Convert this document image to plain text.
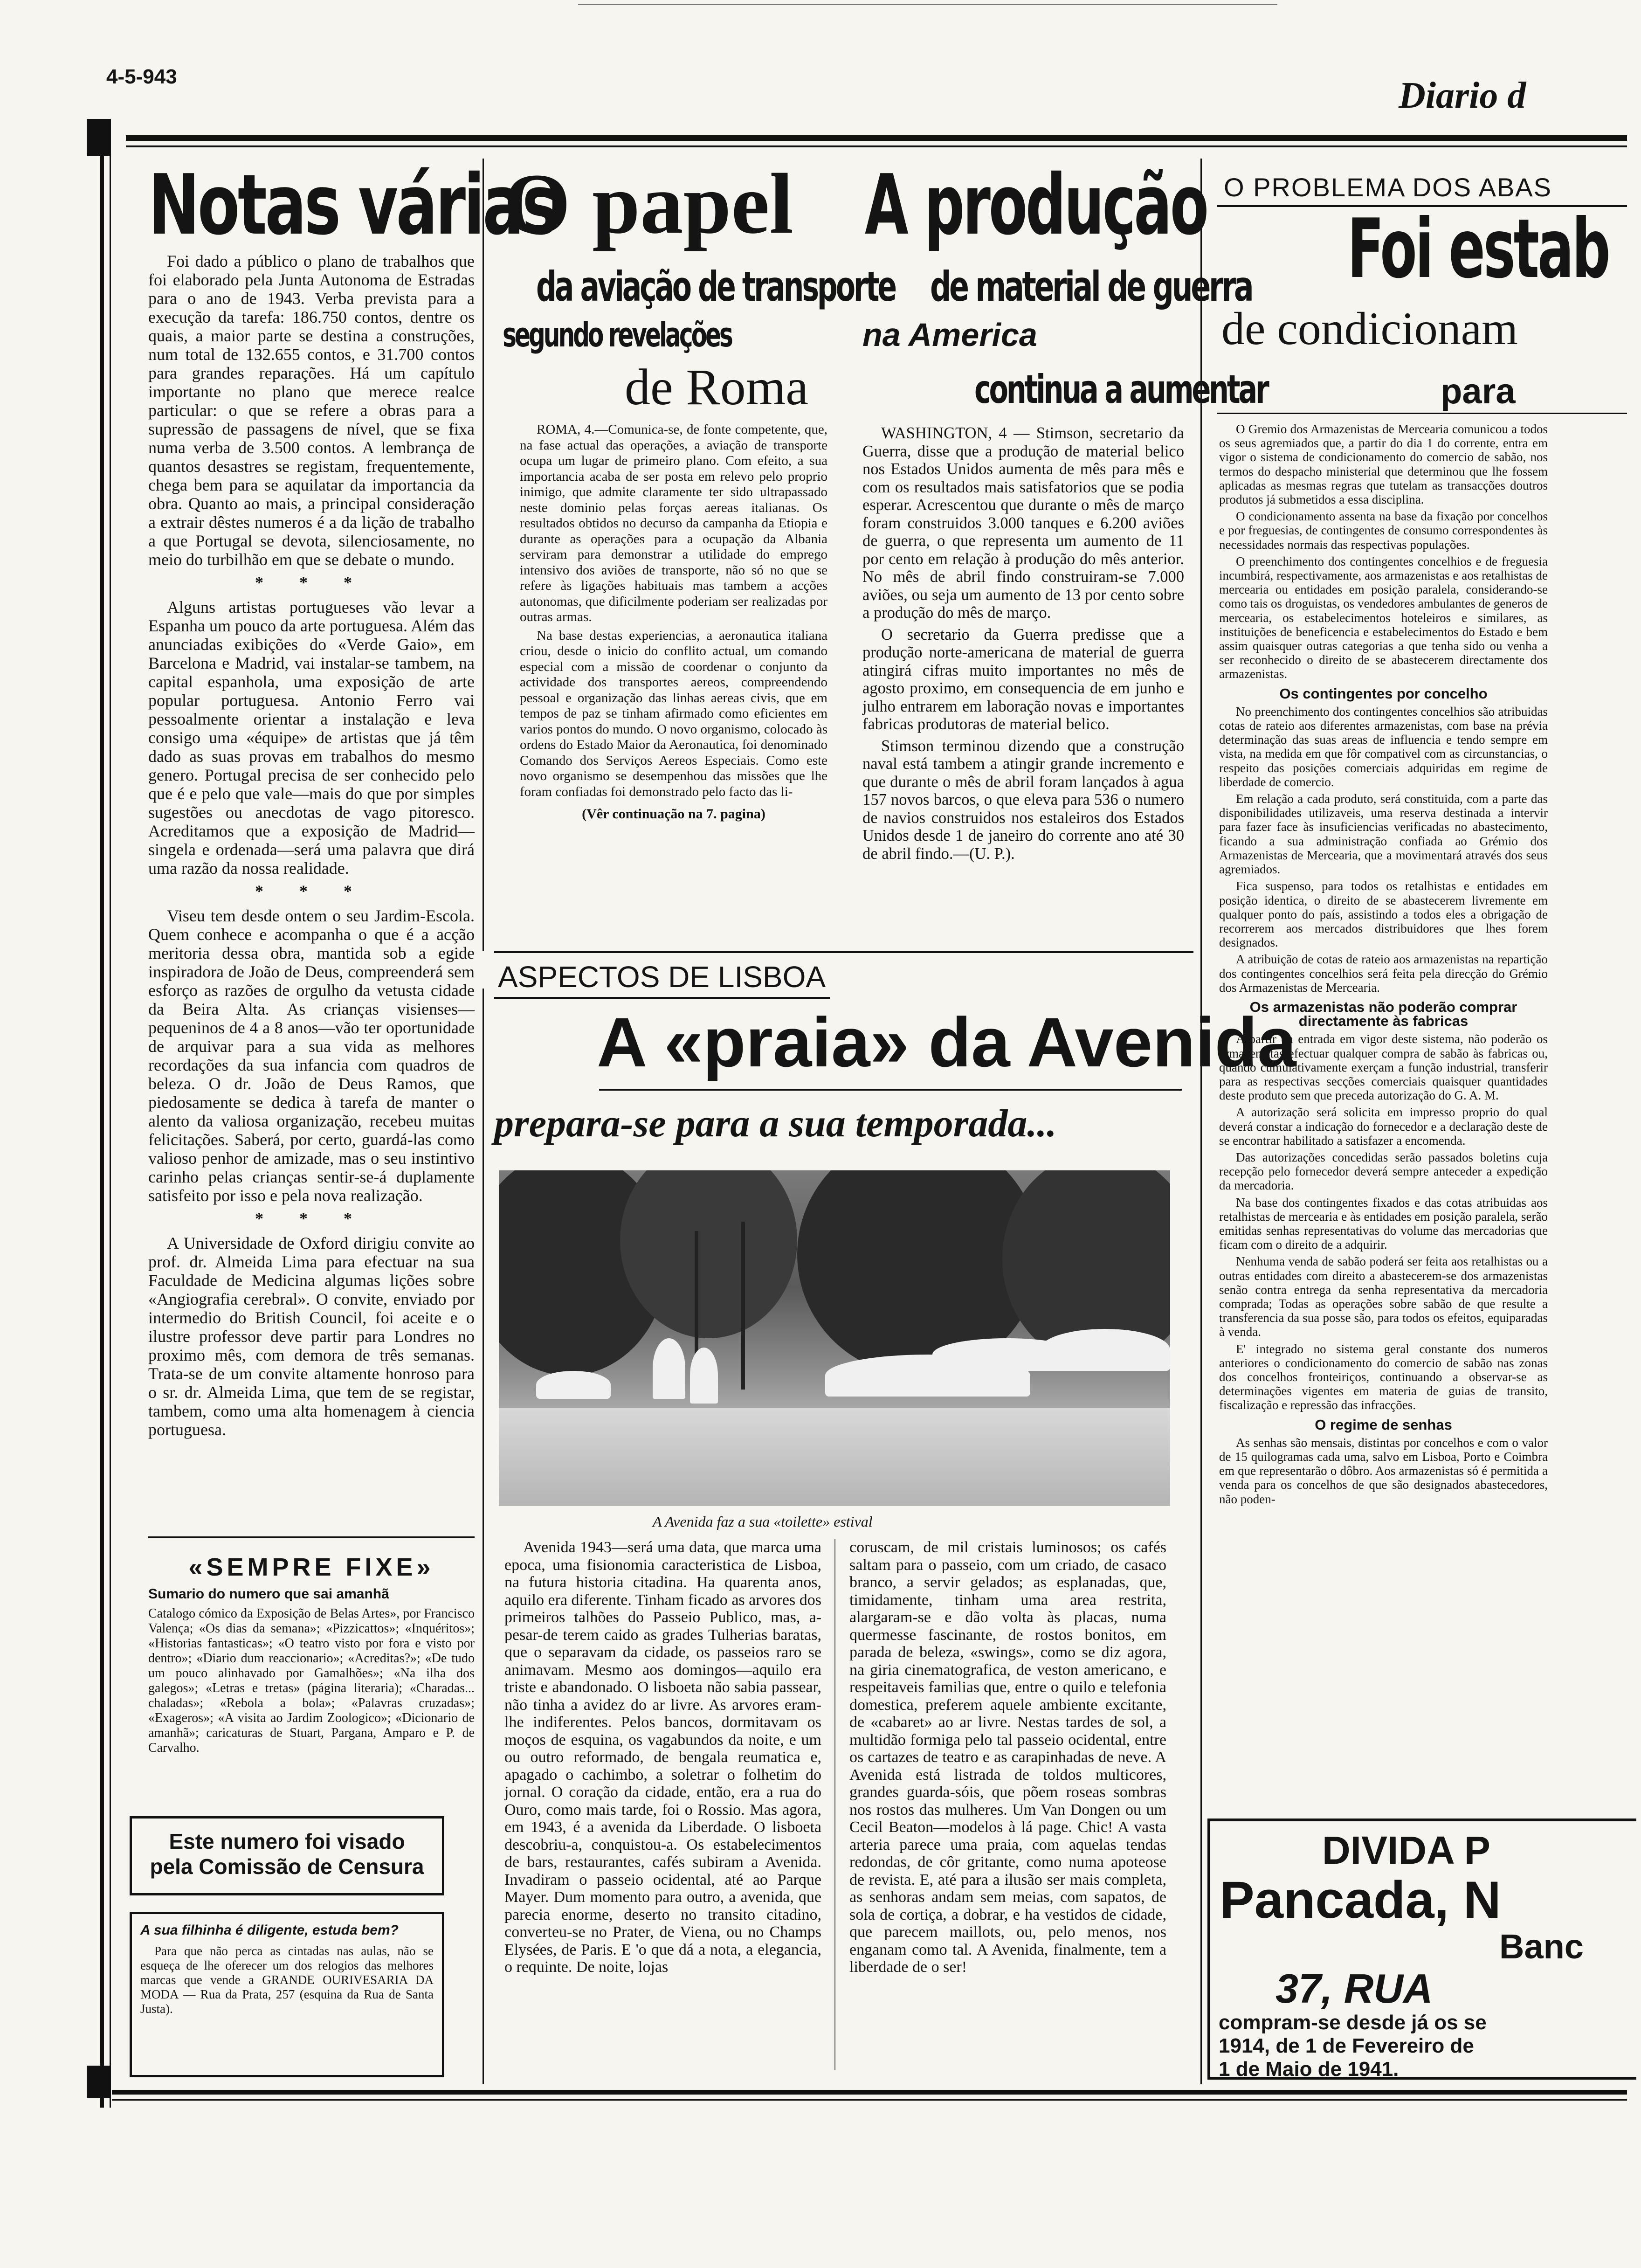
4-5-943	Diario d
Notas várias

Foi dado a público o plano de trabalhos que foi elaborado pela Junta Autonoma de Estradas para o ano de 1943. Verba prevista para a execução da tarefa: 186.750 contos, dentre os quais, a maior parte se destina a construções, num total de 132.655 contos, e 31.700 contos para grandes reparações. Há um capítulo importante no plano que merece realce particular: o que se refere a obras para a supressão de passagens de nível, que se fixa numa verba de 3.500 contos. A lembrança de quantos desastres se registam, frequentemente, chega bem para se aquilatar da importancia da obra. Quanto ao mais, a principal consideração a extrair dêstes numeros é a da lição de trabalho a que Portugal se devota, silenciosamente, no meio do turbilhão em que se debate o mundo.

* * *

Alguns artistas portugueses vão levar a Espanha um pouco da arte portuguesa. Além das anunciadas exibições do «Verde Gaio», em Barcelona e Madrid, vai instalar-se tambem, na capital espanhola, uma exposição de arte popular portuguesa. Antonio Ferro vai pessoalmente orientar a instalação e leva consigo uma «équipe» de artistas que já têm dado as suas provas em trabalhos do mesmo genero. Portugal precisa de ser conhecido pelo que é e pelo que vale—mais do que por simples sugestões ou anecdotas de vago pitoresco. Acreditamos que a exposição de Madrid—singela e ordenada—será uma palavra que dirá uma razão da nossa realidade.

* * *

Viseu tem desde ontem o seu Jardim-Escola. Quem conhece e acompanha o que é a acção meritoria dessa obra, mantida sob a egide inspiradora de João de Deus, compreenderá sem esforço as razões de orgulho da vetusta cidade da Beira Alta. As crianças visienses—pequeninos de 4 a 8 anos—vão ter oportunidade de arquivar para a sua vida as melhores recordações da sua infancia com quadros de beleza. O dr. João de Deus Ramos, que piedosamente se dedica à tarefa de manter o alento da valiosa organização, recebeu muitas felicitações. Saberá, por certo, guardá-las como valioso penhor de amizade, mas o seu instintivo carinho pelas crianças sentir-se-á duplamente satisfeito por isso e pela nova realização.

* * *

A Universidade de Oxford dirigiu convite ao prof. dr. Almeida Lima para efectuar na sua Faculdade de Medicina algumas lições sobre «Angiografia cerebral». O convite, enviado por intermedio do British Council, foi aceite e o ilustre professor deve partir para Londres no proximo mês, com demora de três semanas. Trata-se de um convite altamente honroso para o sr. dr. Almeida Lima, que tem de se registar, tambem, como uma alta homenagem à ciencia portuguesa.

«SEMPRE FIXE»
Sumario do numero que sai amanhã
Catalogo cómico da Exposição de Belas Artes», por Francisco Valença; «Os dias da semana»; «Pizzicattos»; «Inquéritos»; «Historias fantasticas»; «O teatro visto por fora e visto por dentro»; «Diario dum reaccionario»; «Acreditas?»; «De tudo um pouco alinhavado por Gamalhões»; «Na ilha dos galegos»; «Letras e tretas» (página literaria); «Charadas... chaladas»; «Rebola a bola»; «Palavras cruzadas»; «Exageros»; «A visita ao Jardim Zoologico»; «Dicionario de amanhã»; caricaturas de Stuart, Pargana, Amparo e P. de Carvalho.
Este numero foi visado
pela Comissão de Censura
A sua filhinha é diligente, estuda bem?
Para que não perca as cintadas nas aulas, não se esqueça de lhe oferecer um dos relogios das melhores marcas que vende a GRANDE OURIVESARIA DA MODA — Rua da Prata, 257 (esquina da Rua de Santa Justa).
O papel
da aviação de transporte
segundo revelações
de Roma

ROMA, 4.—Comunica-se, de fonte competente, que, na fase actual das operações, a aviação de transporte ocupa um lugar de primeiro plano. Com efeito, a sua importancia acaba de ser posta em relevo pelo proprio inimigo, que admite claramente ter sido ultrapassado neste dominio pelas forças aereas italianas. Os resultados obtidos no decurso da campanha da Etiopia e durante as operações para a ocupação da Albania serviram para demonstrar a utilidade do emprego intensivo dos aviões de transporte, não só no que se refere às ligações habituais mas tambem a acções autonomas, que dificilmente poderiam ser realizadas por outras armas.

Na base destas experiencias, a aeronautica italiana criou, desde o inicio do conflito actual, um comando especial com a missão de coordenar o conjunto da actividade dos transportes aereos, compreendendo pessoal e organização das linhas aereas civis, que em tempos de paz se tinham afirmado como eficientes em varios pontos do mundo. O novo organismo, colocado às ordens do Estado Maior da Aeronautica, foi denominado Comando dos Serviços Aereos Especiais. Como este novo organismo se desempenhou das missões que lhe foram confiadas foi demonstrado pelo facto das li-

(Vêr continuação na 7. pagina)
A produção
de material de guerra
na America
continua a aumentar

WASHINGTON, 4 — Stimson, secretario da Guerra, disse que a produção de material belico nos Estados Unidos aumenta de mês para mês e com os resultados mais satisfatorios que se podia esperar. Acrescentou que durante o mês de março foram construidos 3.000 tanques e 6.200 aviões de guerra, o que representa um aumento de 11 por cento em relação à produção do mês anterior. No mês de abril findo construiram-se 7.000 aviões, ou seja um aumento de 13 por cento sobre a produção do mês de março.

O secretario da Guerra predisse que a produção norte-americana de material de guerra atingirá cifras muito importantes no mês de agosto proximo, em consequencia de em junho e julho entrarem em laboração novas e importantes fabricas produtoras de material belico.

Stimson terminou dizendo que a construção naval está tambem a atingir grande incremento e que durante o mês de abril foram lançados à agua 157 novos barcos, o que eleva para 536 o numero de navios construidos nos estaleiros dos Estados Unidos desde 1 de janeiro do corrente ano até 30 de abril findo.—(U. P.).

ASPECTOS DE LISBOA
A «praia» da Avenida
prepara-se para a sua temporada...
A Avenida faz a sua «toilette» estival

Avenida 1943—será uma data, que marca uma epoca, uma fisionomia caracteristica de Lisboa, na futura historia citadina. Ha quarenta anos, aquilo era diferente. Tinham ficado as arvores dos primeiros talhões do Passeio Publico, mas, a-pesar-de terem caido as grades Tulherias baratas, que o separavam da cidade, os passeios raro se animavam. Mesmo aos domingos—aquilo era triste e abandonado. O lisboeta não sabia passear, não tinha a avidez do ar livre. As arvores eram-lhe indiferentes. Pelos bancos, dormitavam os moços de esquina, os vagabundos da noite, e um ou outro reformado, de bengala reumatica e, apagado o cachimbo, a soletrar o folhetim do jornal. O coração da cidade, então, era a rua do Ouro, como mais tarde, foi o Rossio. Mas agora, em 1943, é a avenida da Liberdade. O lisboeta descobriu-a, conquistou-a. Os estabelecimentos de bars, restaurantes, cafés subiram a Avenida. Invadiram o passeio ocidental, até ao Parque Mayer. Dum momento para outro, a avenida, que parecia enorme, deserto no transito citadino, converteu-se no Prater, de Viena, ou no Champs Elysées, de Paris. E 'o que dá a nota, a elegancia, o requinte. De noite, lojas

coruscam, de mil cristais luminosos; os cafés saltam para o passeio, com um criado, de casaco branco, a servir gelados; as esplanadas, que, timidamente, tinham uma area restrita, alargaram-se e dão volta às placas, numa quermesse fascinante, de rostos bonitos, em parada de beleza, «swings», como se diz agora, na giria cinematografica, de veston americano, e respeitaveis familias que, entre o quilo e telefonia domestica, preferem aquele ambiente excitante, de «cabaret» ao ar livre. Nestas tardes de sol, a multidão formiga pelo tal passeio ocidental, entre os cartazes de teatro e as carapinhadas de neve. A Avenida está listrada de toldos multicores, grandes guarda-sóis, que põem roseas sombras nos rostos das mulheres. Um Van Dongen ou um Cecil Beaton—modelos à lá page. Chic! A vasta arteria parece uma praia, com aquelas tendas redondas, de côr gritante, como numa apoteose de revista. E, até para a ilusão ser mais completa, as senhoras andam sem meias, com sapatos, de sola de cortiça, a dobrar, e ha vestidos de cidade, que parecem maillots, ou, pelo menos, nos enganam como tal. A Avenida, finalmente, tem a liberdade de o ser!

O PROBLEMA DOS ABAS
Foi estab
de condicionam
para

O Gremio dos Armazenistas de Mercearia comunicou a todos os seus agremiados que, a partir do dia 1 do corrente, entra em vigor o sistema de condicionamento do comercio de sabão, nos termos do despacho ministerial que determinou que lhe fossem aplicadas as mesmas regras que tutelam as transacções doutros produtos já submetidos a essa disciplina.

O condicionamento assenta na base da fixação por concelhos e por freguesias, de contingentes de consumo correspondentes às necessidades normais das respectivas populações.

O preenchimento dos contingentes concelhios e de freguesia incumbirá, respectivamente, aos armazenistas e aos retalhistas de mercearia ou entidades em posição paralela, considerando-se como tais os droguistas, os vendedores ambulantes de generos de mercearia, os estabelecimentos hoteleiros e similares, as instituições de beneficencia e estabelecimentos do Estado e bem assim quaisquer outras categorias a que tenha sido ou venha a ser reconhecido o direito de se abastecerem directamente dos armazenistas.

Os contingentes por concelho

No preenchimento dos contingentes concelhios são atribuidas cotas de rateio aos diferentes armazenistas, com base na prévia determinação das suas areas de influencia e tendo sempre em vista, na medida em que fôr compativel com as circunstancias, o respeito das posições comerciais adquiridas em regime de liberdade de comercio.

Em relação a cada produto, será constituida, com a parte das disponibilidades utilizaveis, uma reserva destinada a intervir para fazer face às insuficiencias verificadas no abastecimento, ficando a sua administração confiada ao Grémio dos Armazenistas de Mercearia, que a movimentará através dos seus agremiados.

Fica suspenso, para todos os retalhistas e entidades em posição identica, o direito de se abastecerem livremente em qualquer ponto do país, assistindo a todos eles a obrigação de recorrerem aos mercados distribuidores que lhes forem designados.

A atribuição de cotas de rateio aos armazenistas na repartição dos contingentes concelhios será feita pela direcção do Grémio dos Armazenistas de Mercearia.

Os armazenistas não poderão comprar directamente às fabricas

A partir da entrada em vigor deste sistema, não poderão os armazenistas efectuar qualquer compra de sabão às fabricas ou, quando cumulativamente exerçam a função industrial, transferir para as respectivas secções comerciais quaisquer quantidades deste produto sem que preceda autorização do G. A. M.

A autorização será solicita em impresso proprio do qual deverá constar a indicação do fornecedor e a declaração deste de se encontrar habilitado a satisfazer a encomenda.

Das autorizações concedidas serão passados boletins cuja recepção pelo fornecedor deverá sempre anteceder a expedição da mercadoria.

Na base dos contingentes fixados e das cotas atribuidas aos retalhistas de mercearia e às entidades em posição paralela, serão emitidas senhas representativas do volume das mercadorias que ficam com o direito de a adquirir.

Nenhuma venda de sabão poderá ser feita aos retalhistas ou a outras entidades com direito a abastecerem-se dos armazenistas senão contra entrega da senha representativa da mercadoria comprada; Todas as operações sobre sabão de que resulte a transferencia da sua posse são, para todos os efeitos, equiparadas à venda.

E' integrado no sistema geral constante dos numeros anteriores o condicionamento do comercio de sabão nas zonas dos concelhos fronteiriços, continuando a observar-se as determinações vigentes em materia de guias de transito, fiscalização e repressão das infracções.

O regime de senhas

As senhas são mensais, distintas por concelhos e com o valor de 15 quilogramas cada uma, salvo em Lisboa, Porto e Coimbra em que representarão o dôbro. Aos armazenistas só é permitida a venda para os concelhos de que são designados abastecedores, não poden-

DIVIDA P
Pancada, N
Banc
37, RUA
compram-se desde já os se
1914, de 1 de Fevereiro de
1 de Maio de 1941.
